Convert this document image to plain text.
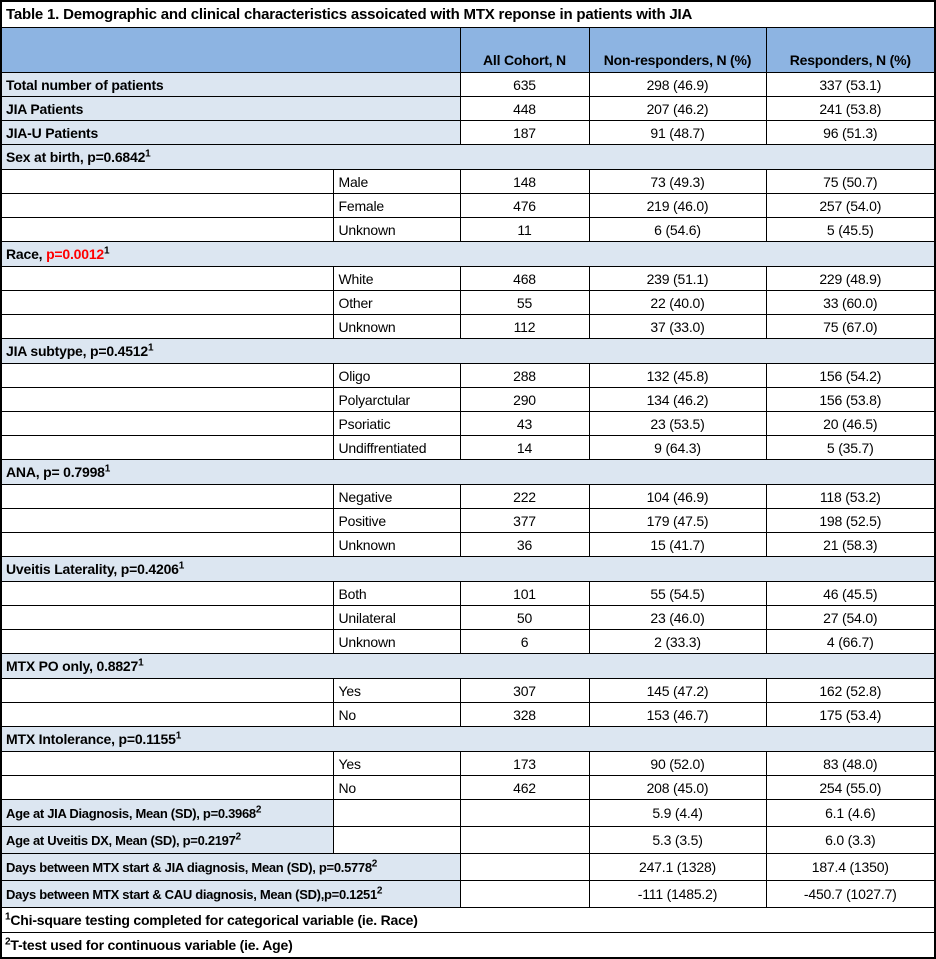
Table 1. Demographic and clinical characteristics assoicated with MTX reponse in patients with JIA				
		All Cohort, N	Non-responders, N (%)	Responders, N (%)
Total number of patients		635	298 (46.9)	337 (53.1)
JIA Patients		448	207 (46.2)	241 (53.8)
JIA-U Patients		187	91 (48.7)	96 (51.3)
Sex at birth, p=0.6842$^1$
	Male	148	73 (49.3)	75 (50.7)
	Female	476	219 (46.0)	257 (54.0)
	Unknown	11	6 (54.6)	5 (45.5)
Race, p=0.0012$^1$
	White	468	239 (51.1)	229 (48.9)
	Other	55	22 (40.0)	33 (60.0)
	Unknown	112	37 (33.0)	75 (67.0)
JIA subtype, p=0.4512$^1$
	Oligo	288	132 (45.8)	156 (54.2)
	Polyarctular	290	134 (46.2)	156 (53.8)
	Psoriatic	43	23 (53.5)	20 (46.5)
	Undiffrentiated	14	9 (64.3)	5 (35.7)
ANA, p= 0.7998$^1$
	Negative	222	104 (46.9)	118 (53.2)
	Positive	377	179 (47.5)	198 (52.5)
	Unknown	36	15 (41.7)	21 (58.3)
Uveitis Laterality, p=0.4206$^1$
	Both	101	55 (54.5)	46 (45.5)
	Unilateral	50	23 (46.0)	27 (54.0)
	Unknown	6	2 (33.3)	4 (66.7)
MTX PO only, 0.8827$^1$
	Yes	307	145 (47.2)	162 (52.8)
	No	328	153 (46.7)	175 (53.4)
MTX Intolerance, p=0.1155$^1$
	Yes	173	90 (52.0)	83 (48.0)
	No	462	208 (45.0)	254 (55.0)
Age at JIA Diagnosis, Mean (SD), p=0.3968$^2$			5.9 (4.4)	6.1 (4.6)
Age at Uveitis DX, Mean (SD), p=0.2197$^2$			5.3 (3.5)	6.0 (3.3)
Days between MTX start & JIA diagnosis, Mean (SD), p=0.5778$^2$			247.1 (1328)	187.4 (1350)
Days between MTX start & CAU diagnosis, Mean (SD),p=0.1251$^2$			-111 (1485.2)	-450.7 (1027.7)
$^1$Chi-square testing completed for categorical variable (ie. Race)				
$^2$T-test used for continuous variable (ie. Age)				
